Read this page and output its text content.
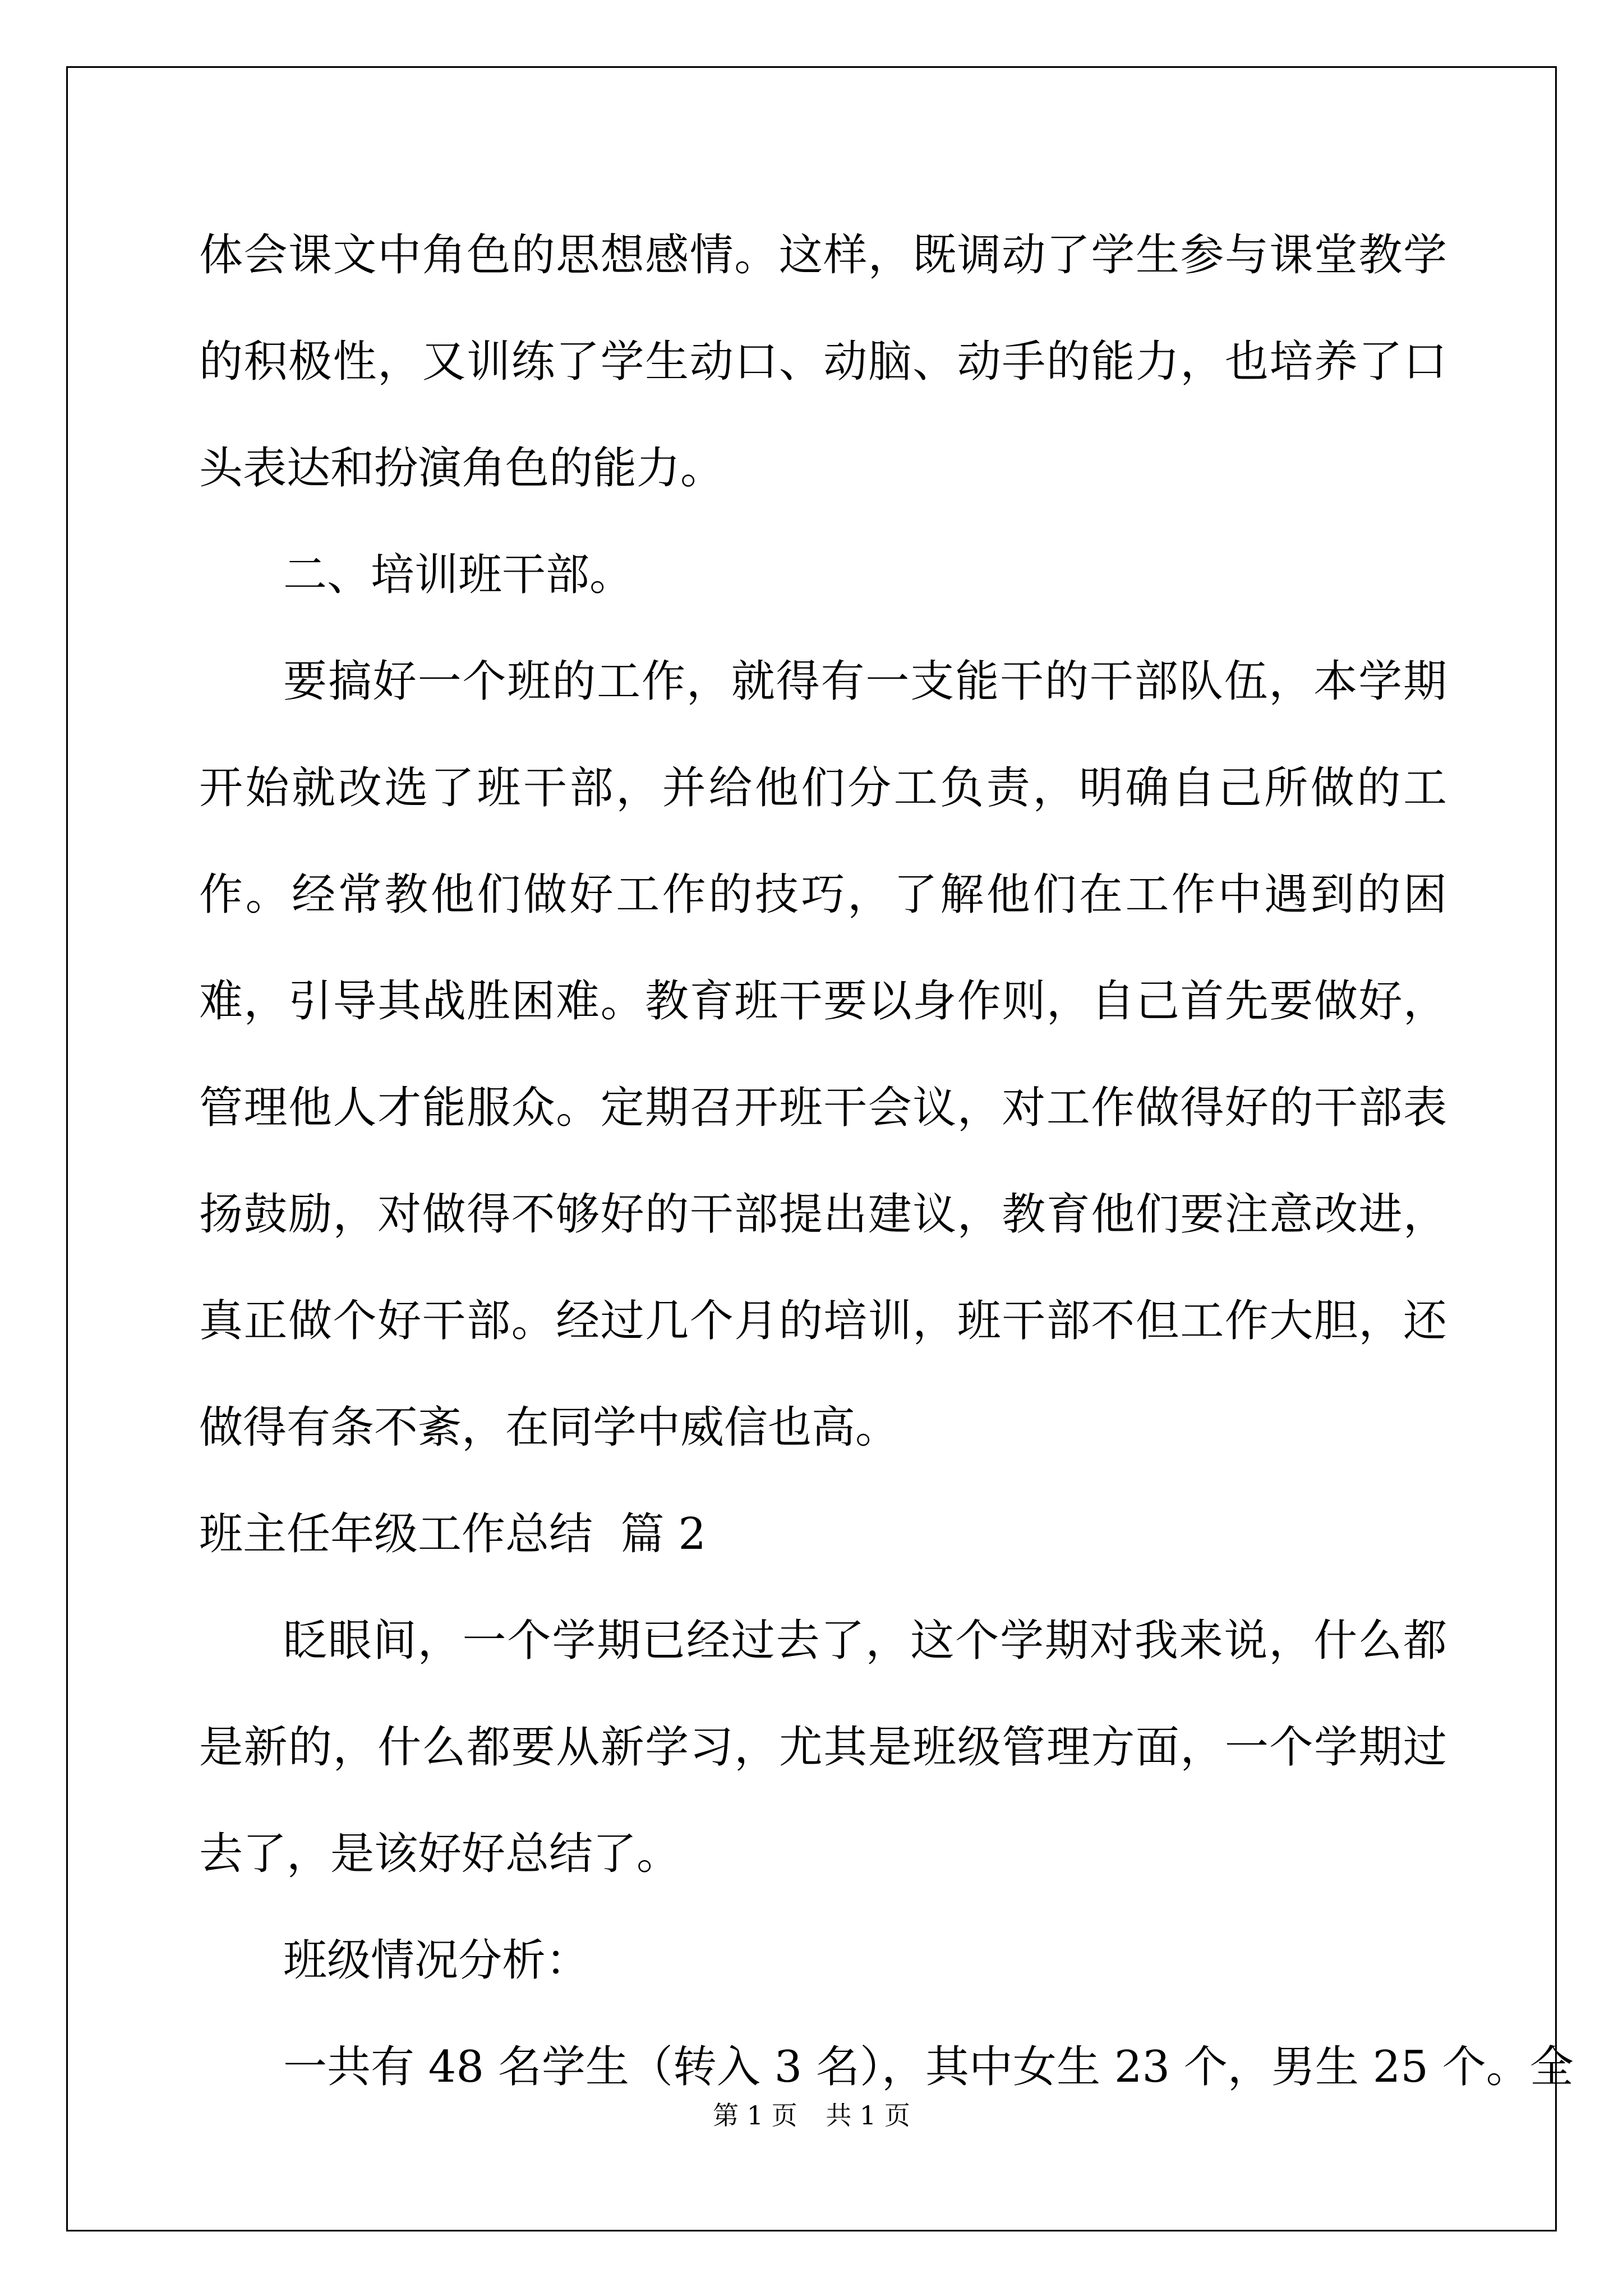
体会课文中角色的思想感情。这样，既调动了学生参与课堂教学的积极性，又训练了学生动口、动脑、动手的能力，也培养了口头表达和扮演角色的能力。

二、培训班干部。

要搞好一个班的工作，就得有一支能干的干部队伍，本学期开始就改选了班干部，并给他们分工负责，明确自己所做的工作。经常教他们做好工作的技巧，了解他们在工作中遇到的困难，引导其战胜困难。教育班干要以身作则，自己首先要做好，管理他人才能服众。定期召开班干会议，对工作做得好的干部表扬鼓励，对做得不够好的干部提出建议，教育他们要注意改进，真正做个好干部。经过几个月的培训，班干部不但工作大胆，还做得有条不紊，在同学中威信也高。

班主任年级工作总结  篇 2

眨眼间，一个学期已经过去了，这个学期对我来说，什么都是新的，什么都要从新学习，尤其是班级管理方面，一个学期过去了，是该好好总结了。

班级情况分析：

一共有 48 名学生（转入 3 名），其中女生 23 个，男生 25 个。全

第 1 页 共 1 页
